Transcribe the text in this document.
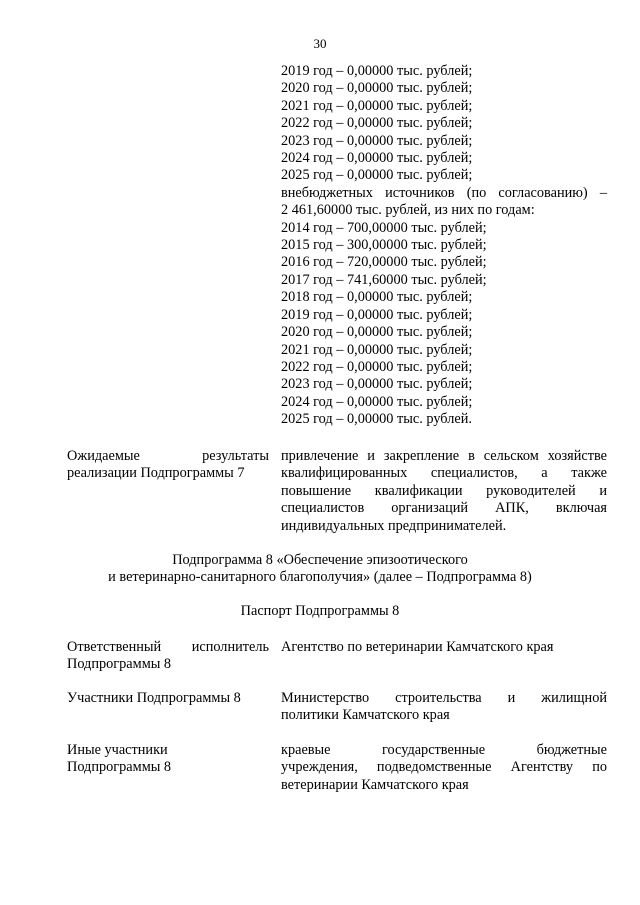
30
2019 год – 0,00000 тыс. рублей;
2020 год – 0,00000 тыс. рублей;
2021 год – 0,00000 тыс. рублей;
2022 год – 0,00000 тыс. рублей;
2023 год – 0,00000 тыс. рублей;
2024 год – 0,00000 тыс. рублей;
2025 год – 0,00000 тыс. рублей;
внебюджетных источников (по согласованию) –
2 461,60000 тыс. рублей, из них по годам:
2014 год – 700,00000 тыс. рублей;
2015 год – 300,00000 тыс. рублей;
2016 год – 720,00000 тыс. рублей;
2017 год – 741,60000 тыс. рублей;
2018 год – 0,00000 тыс. рублей;
2019 год – 0,00000 тыс. рублей;
2020 год – 0,00000 тыс. рублей;
2021 год – 0,00000 тыс. рублей;
2022 год – 0,00000 тыс. рублей;
2023 год – 0,00000 тыс. рублей;
2024 год – 0,00000 тыс. рублей;
2025 год – 0,00000 тыс. рублей.
Ожидаемые результаты
реализации Подпрограммы 7
привлечение и закрепление в сельском хозяйстве
квалифицированных специалистов, а также
повышение квалификации руководителей и
специалистов организаций АПК, включая
индивидуальных предпринимателей.
Подпрограмма 8 «Обеспечение эпизоотического
и ветеринарно-санитарного благополучия» (далее – Подпрограмма 8)
Паспорт Подпрограммы 8
Ответственный исполнитель
Подпрограммы 8
Агентство по ветеринарии Камчатского края
Участники Подпрограммы 8	Министерство строительства и жилищной
политики Камчатского края
Иные участники
Подпрограммы 8
краевые государственные бюджетные
учреждения, подведомственные Агентству по
ветеринарии Камчатского края
